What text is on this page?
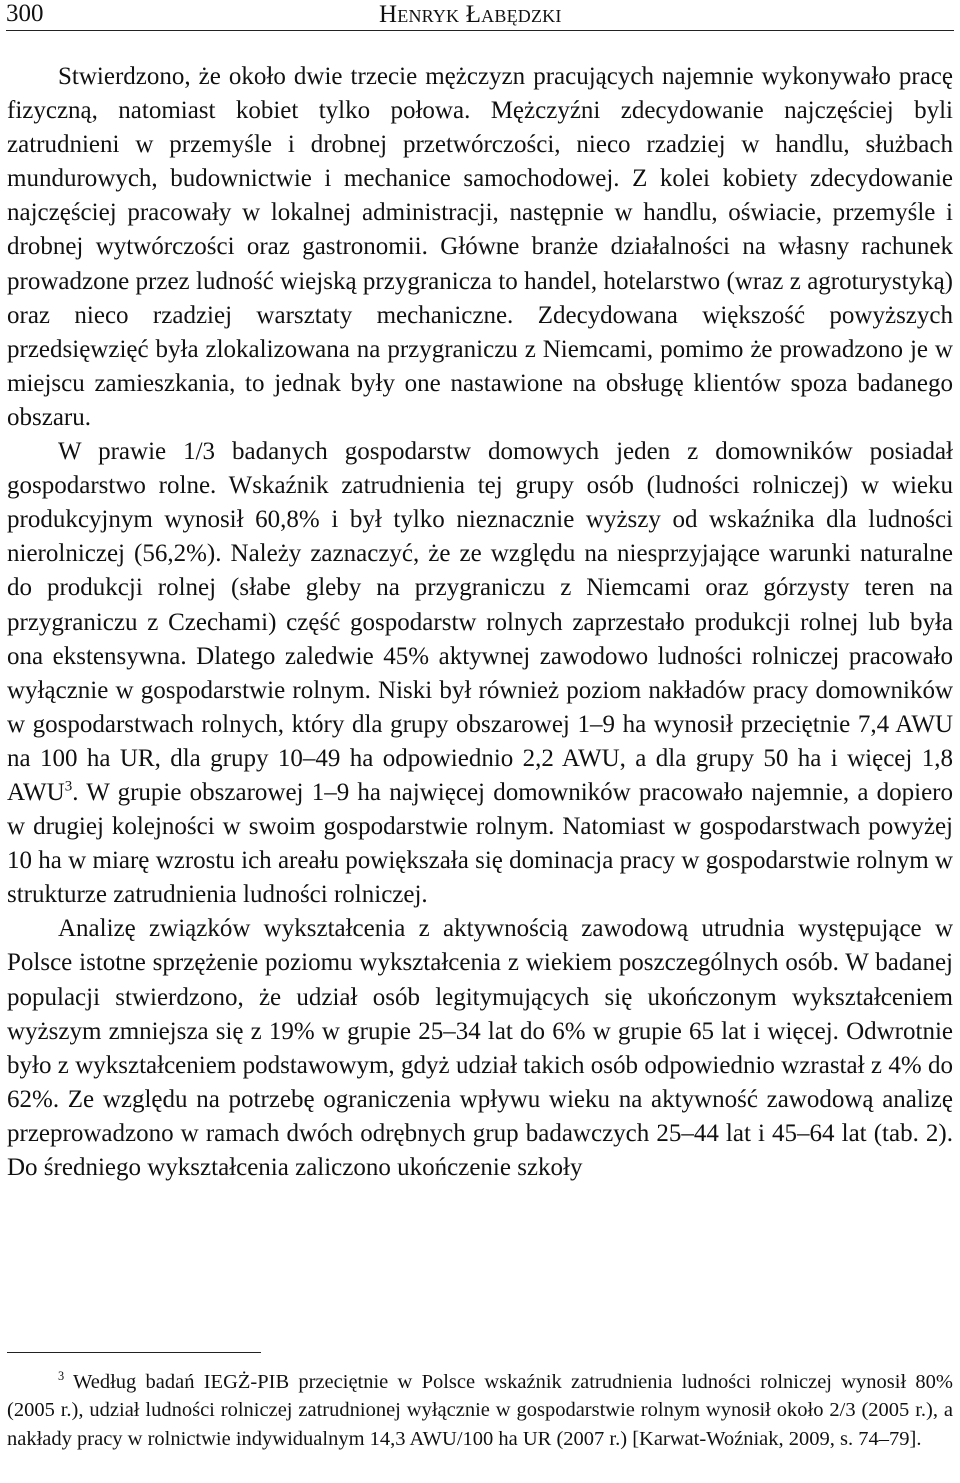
300	Henryk Łabędzki

Stwierdzono, że około dwie trzecie mężczyzn pracujących najemnie wykonywało pracę fizyczną, natomiast kobiet tylko połowa. Mężczyźni zdecydowanie najczęściej byli zatrudnieni w przemyśle i drobnej przetwórczości, nieco rzadziej w handlu, służbach mundurowych, budownictwie i mechanice samochodowej. Z kolei kobiety zdecydowanie najczęściej pracowały w lokalnej administracji, następnie w handlu, oświacie, przemyśle i drobnej wytwórczości oraz gastronomii. Główne branże działalności na własny rachunek prowadzone przez ludność wiejską przygranicza to handel, hotelarstwo (wraz z agroturystyką) oraz nieco rzadziej warsztaty mechaniczne. Zdecydowana większość powyższych przedsięwzięć była zlokalizowana na przygraniczu z Niemcami, pomimo że prowadzono je w miejscu zamieszkania, to jednak były one nastawione na obsługę klientów spoza badanego obszaru.

W prawie 1/3 badanych gospodarstw domowych jeden z domowników posiadał gospodarstwo rolne. Wskaźnik zatrudnienia tej grupy osób (ludności rolniczej) w wieku produkcyjnym wynosił 60,8% i był tylko nieznacznie wyższy od wskaźnika dla ludności nierolniczej (56,2%). Należy zaznaczyć, że ze względu na niesprzyjające warunki naturalne do produkcji rolnej (słabe gleby na przygraniczu z Niemcami oraz górzysty teren na przygraniczu z Czechami) część gospodarstw rolnych zaprzestało produkcji rolnej lub była ona ekstensywna. Dlatego zaledwie 45% aktywnej zawodowo ludności rolniczej pracowało wyłącznie w gospodarstwie rolnym. Niski był również poziom nakładów pracy domowników w gospodarstwach rolnych, który dla grupy obszarowej 1–9 ha wynosił przeciętnie 7,4 AWU na 100 ha UR, dla grupy 10–49 ha odpowiednio 2,2 AWU, a dla grupy 50 ha i więcej 1,8 AWU$^3$. W grupie obszarowej 1–9 ha najwięcej domowników pracowało najemnie, a dopiero w drugiej kolejności w swoim gospodarstwie rolnym. Natomiast w gospodarstwach powyżej 10 ha w miarę wzrostu ich areału powiększała się dominacja pracy w gospodarstwie rolnym w strukturze zatrudnienia ludności rolniczej.

Analizę związków wykształcenia z aktywnością zawodową utrudnia występujące w Polsce istotne sprzężenie poziomu wykształcenia z wiekiem poszczególnych osób. W badanej populacji stwierdzono, że udział osób legitymujących się ukończonym wykształceniem wyższym zmniejsza się z 19% w grupie 25–34 lat do 6% w grupie 65 lat i więcej. Odwrotnie było z wykształceniem podstawowym, gdyż udział takich osób odpowiednio wzrastał z 4% do 62%. Ze względu na potrzebę ograniczenia wpływu wieku na aktywność zawodową analizę przeprowadzono w ramach dwóch odrębnych grup badawczych 25–44 lat i 45–64 lat (tab. 2). Do średniego wykształcenia zaliczono ukończenie szkoły

$^3$ Według badań IEGŻ-PIB przeciętnie w Polsce wskaźnik zatrudnienia ludności rolniczej wynosił 80% (2005 r.), udział ludności rolniczej zatrudnionej wyłącznie w gospodarstwie rolnym wynosił około 2/3 (2005 r.), a nakłady pracy w rolnictwie indywidualnym 14,3 AWU/100 ha UR (2007 r.) [Karwat-Woźniak, 2009, s. 74–79].
